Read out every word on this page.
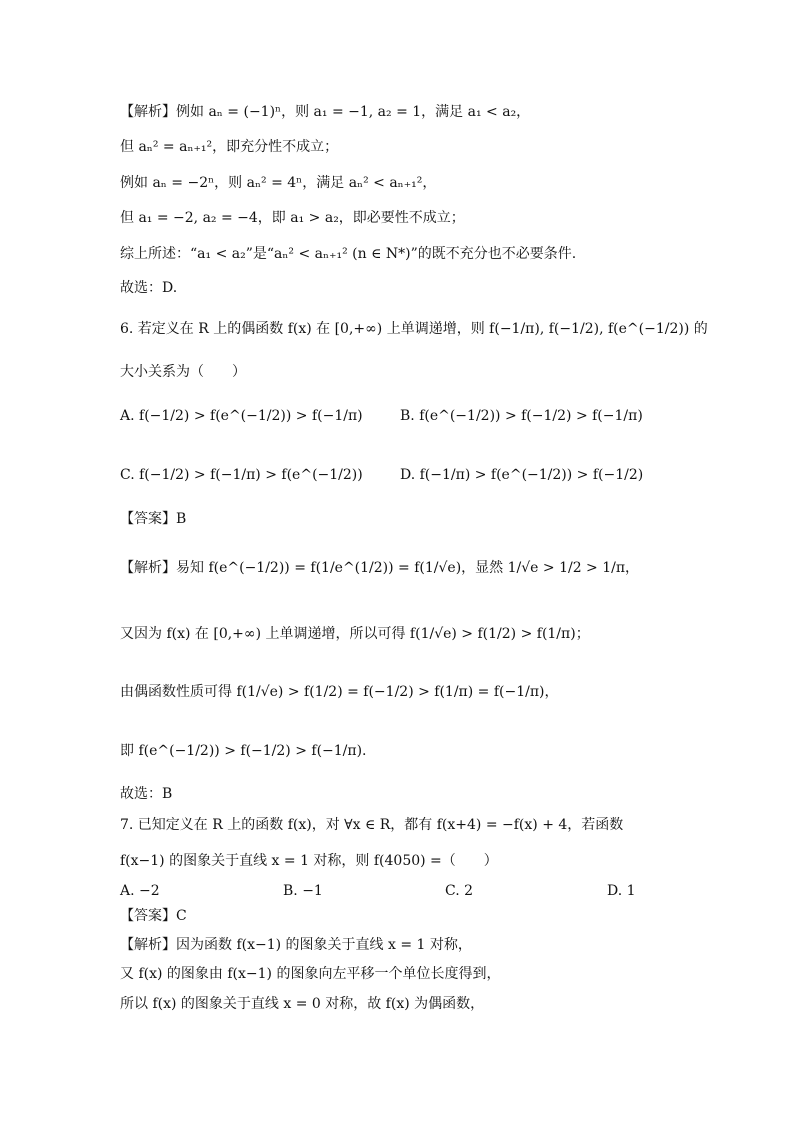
【解析】例如 aₙ = (−1)ⁿ，则 a₁ = −1, a₂ = 1，满足 a₁ < a₂，
但 aₙ² = aₙ₊₁²，即充分性不成立；
例如 aₙ = −2ⁿ，则 aₙ² = 4ⁿ，满足 aₙ² < aₙ₊₁²，
但 a₁ = −2, a₂ = −4，即 a₁ > a₂，即必要性不成立；
综上所述：“a₁ < a₂”是“aₙ² < aₙ₊₁² (n ∈ N*)”的既不充分也不必要条件.
故选：D.
6. 若定义在 R 上的偶函数 f(x) 在 [0,+∞) 上单调递增，则 f(−1/π), f(−1/2), f(e^(−1/2)) 的
大小关系为（　　）
A. f(−1/2) > f(e^(−1/2)) > f(−1/π)	B. f(e^(−1/2)) > f(−1/2) > f(−1/π)
C. f(−1/2) > f(−1/π) > f(e^(−1/2))	D. f(−1/π) > f(e^(−1/2)) > f(−1/2)
【答案】B
【解析】易知 f(e^(−1/2)) = f(1/e^(1/2)) = f(1/√e)，显然 1/√e > 1/2 > 1/π，
又因为 f(x) 在 [0,+∞) 上单调递增，所以可得 f(1/√e) > f(1/2) > f(1/π)；
由偶函数性质可得 f(1/√e) > f(1/2) = f(−1/2) > f(1/π) = f(−1/π)，
即 f(e^(−1/2)) > f(−1/2) > f(−1/π).
故选：B
7. 已知定义在 R 上的函数 f(x)，对 ∀x ∈ R，都有 f(x+4) = −f(x) + 4，若函数
f(x−1) 的图象关于直线 x = 1 对称，则 f(4050) =（　　）
A. −2	B. −1	C. 2	D. 1
【答案】C
【解析】因为函数 f(x−1) 的图象关于直线 x = 1 对称，
又 f(x) 的图象由 f(x−1) 的图象向左平移一个单位长度得到，
所以 f(x) 的图象关于直线 x = 0 对称，故 f(x) 为偶函数，
